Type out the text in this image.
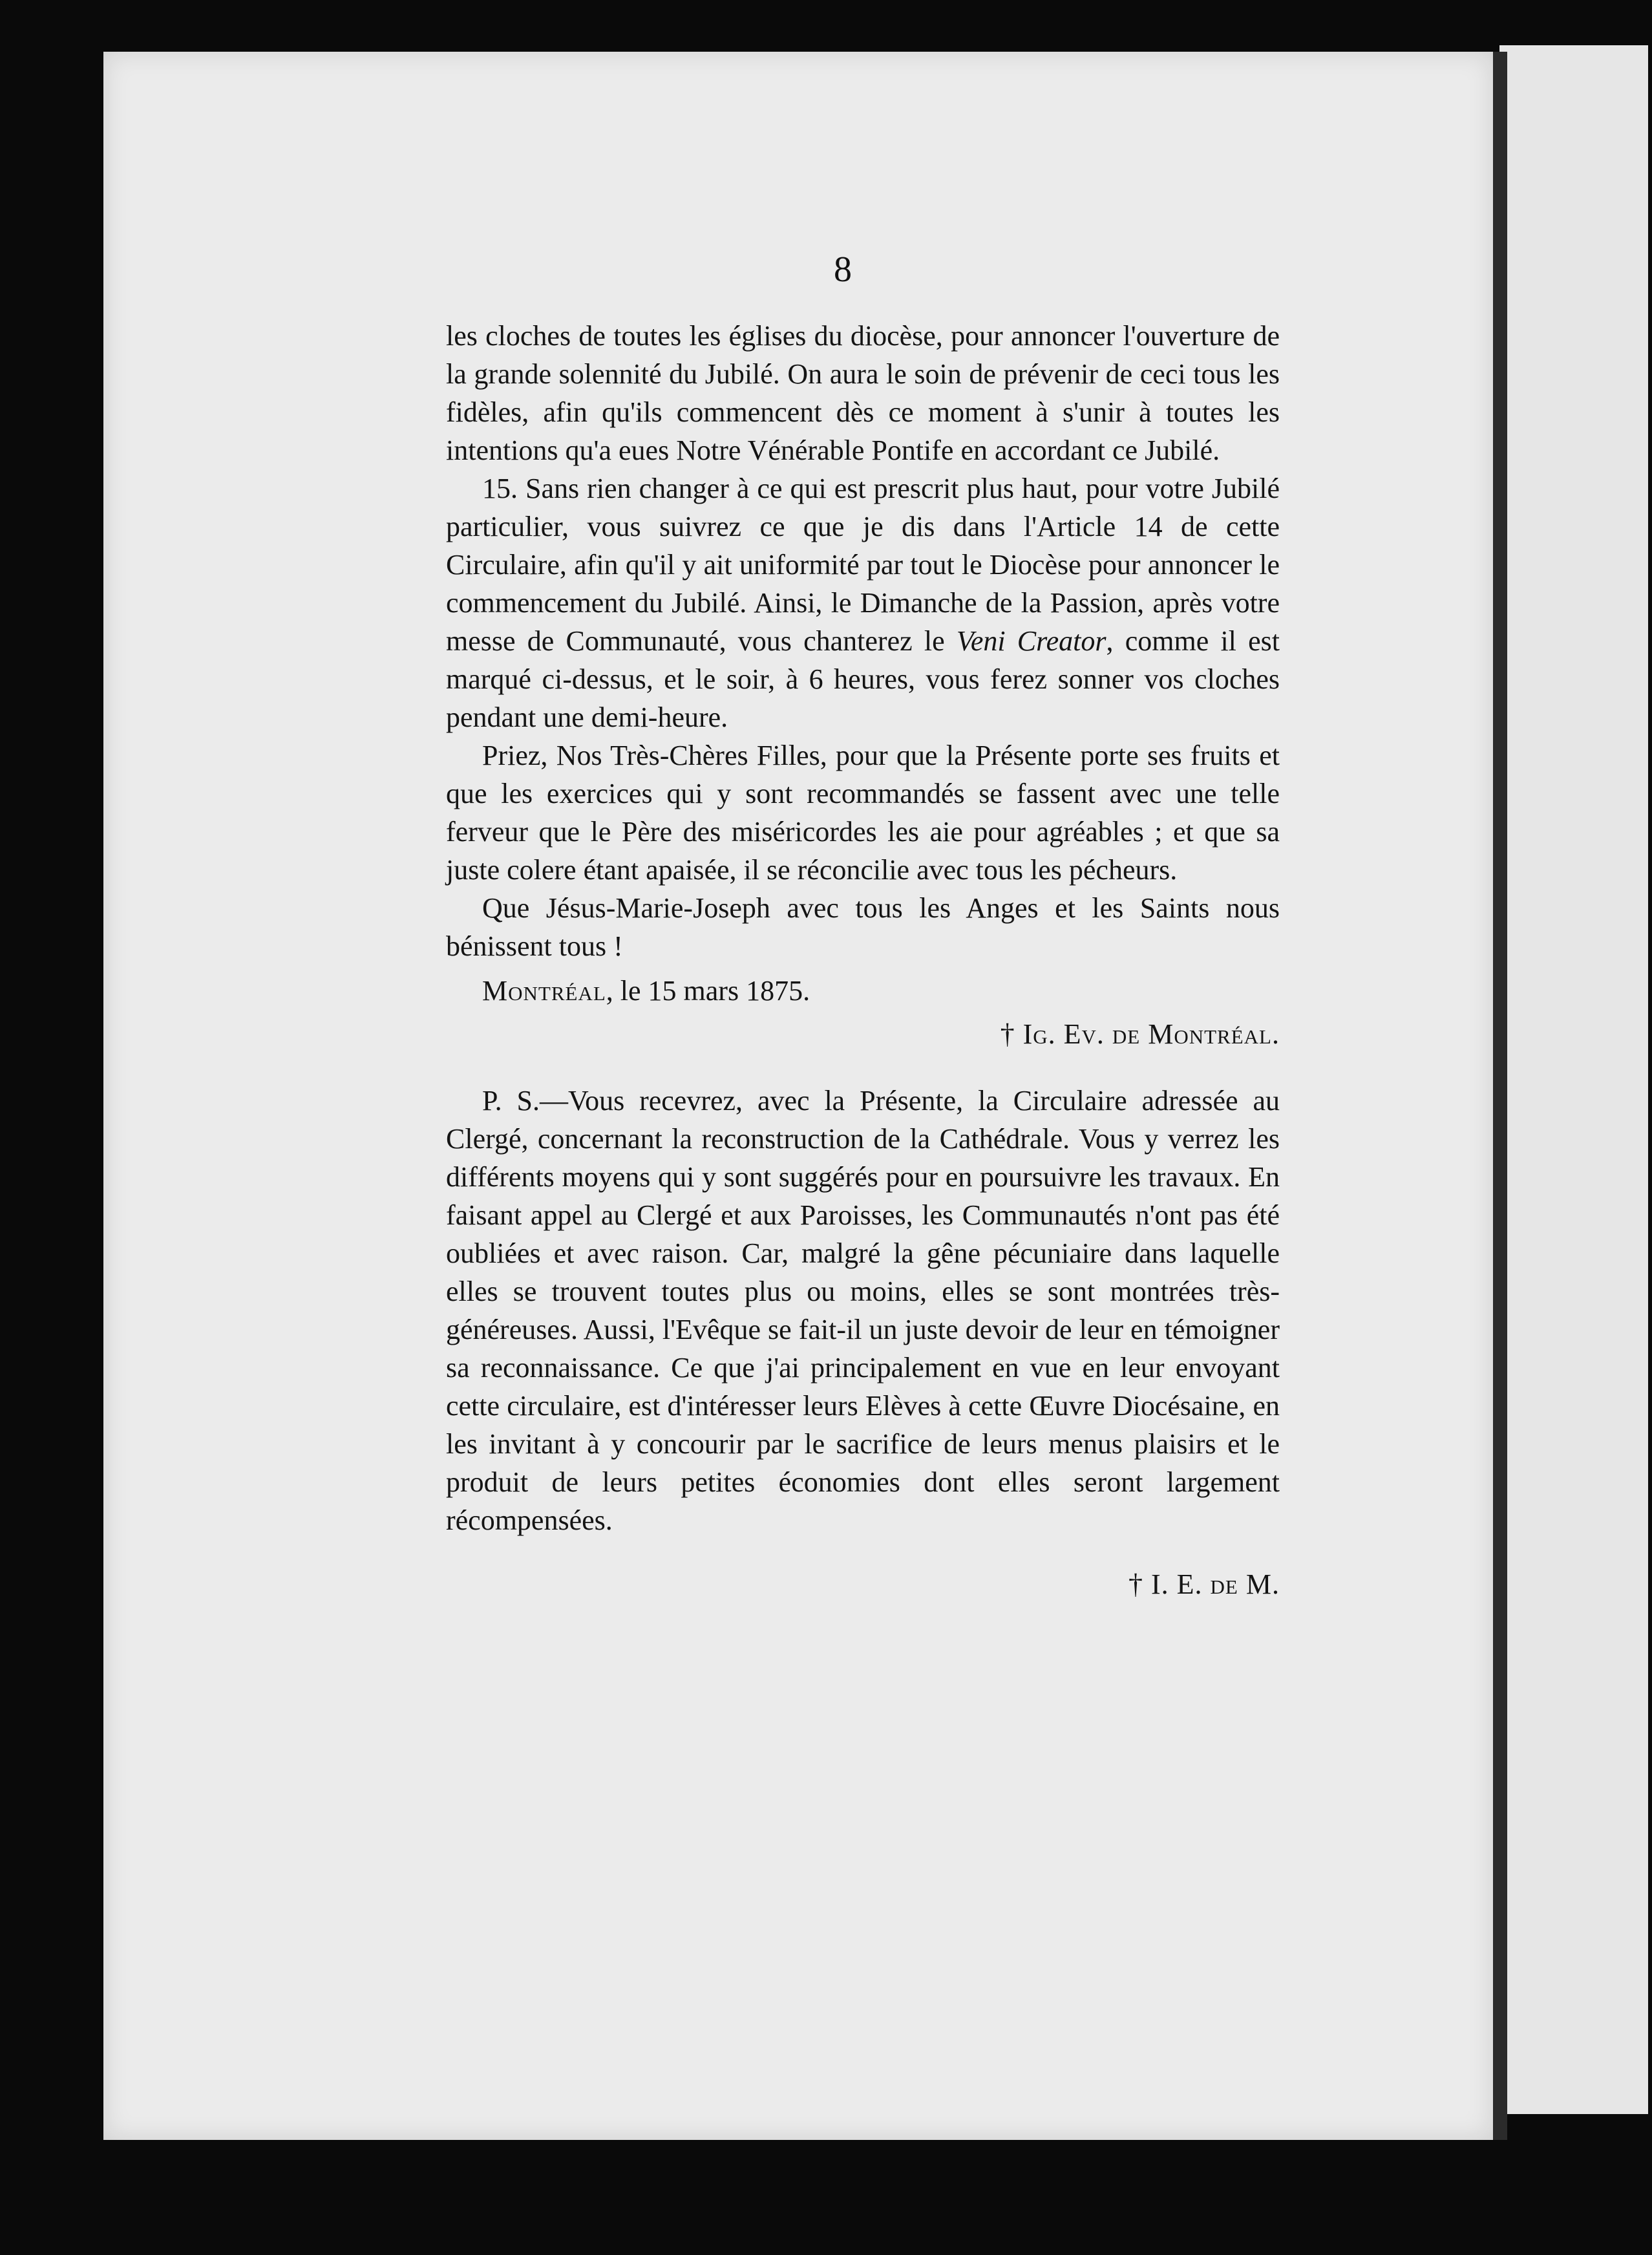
8

les cloches de toutes les églises du diocèse, pour annoncer l'ouverture de la grande solennité du Jubilé. On aura le soin de prévenir de ceci tous les fidèles, afin qu'ils commencent dès ce moment à s'unir à toutes les intentions qu'a eues Notre Vénérable Pontife en accordant ce Jubilé.

15. Sans rien changer à ce qui est prescrit plus haut, pour votre Jubilé particulier, vous suivrez ce que je dis dans l'Article 14 de cette Circulaire, afin qu'il y ait uniformité par tout le Diocèse pour annoncer le commencement du Jubilé. Ainsi, le Dimanche de la Passion, après votre messe de Communauté, vous chanterez le Veni Creator, comme il est marqué ci-dessus, et le soir, à 6 heures, vous ferez sonner vos cloches pendant une demi-heure.

Priez, Nos Très-Chères Filles, pour que la Présente porte ses fruits et que les exercices qui y sont recommandés se fassent avec une telle ferveur que le Père des miséricordes les aie pour agréables ; et que sa juste colere étant apaisée, il se réconcilie avec tous les pécheurs.

Que Jésus-Marie-Joseph avec tous les Anges et les Saints nous bénissent tous !

Montréal, le 15 mars 1875.

† Ig. Ev. de Montréal.

P. S.—Vous recevrez, avec la Présente, la Circulaire adressée au Clergé, concernant la reconstruction de la Cathédrale. Vous y verrez les différents moyens qui y sont suggérés pour en poursuivre les travaux. En faisant appel au Clergé et aux Paroisses, les Communautés n'ont pas été oubliées et avec raison. Car, malgré la gêne pécuniaire dans laquelle elles se trouvent toutes plus ou moins, elles se sont montrées très-généreuses. Aussi, l'Evêque se fait-il un juste devoir de leur en témoigner sa reconnaissance. Ce que j'ai principalement en vue en leur envoyant cette circulaire, est d'intéresser leurs Elèves à cette Œuvre Diocésaine, en les invitant à y concourir par le sacrifice de leurs menus plaisirs et le produit de leurs petites économies dont elles seront largement récompensées.

† I. E. de M.
